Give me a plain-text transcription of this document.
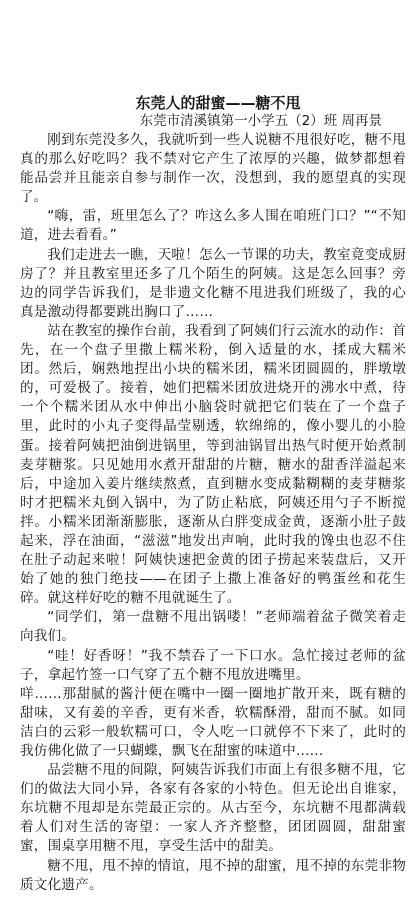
东莞人的甜蜜——糖不甩

东莞市清溪镇第一小学五（2）班 周再景

刚到东莞没多久，我就听到一些人说糖不甩很好吃，糖不甩真的那么好吃吗？我不禁对它产生了浓厚的兴趣，做梦都想着能品尝并且能亲自参与制作一次，没想到，我的愿望真的实现了。

“嗨，雷，班里怎么了？咋这么多人围在咱班门口？”“不知道，进去看看。”

我们走进去一瞧，天啦！怎么一节课的功夫，教室竟变成厨房了？并且教室里还多了几个陌生的阿姨。这是怎么回事？旁边的同学告诉我们，是非遗文化糖不甩进我们班级了，我的心真是激动得都要跳出胸口了……

站在教室的操作台前，我看到了阿姨们行云流水的动作：首先，在一个盘子里撒上糯米粉，倒入适量的水，揉成大糯米团。然后，娴熟地捏出小块的糯米团，糯米团圆圆的，胖墩墩的，可爱极了。接着，她们把糯米团放进烧开的沸水中煮，待一个个糯米团从水中伸出小脑袋时就把它们装在了一个盘子里，此时的小丸子变得晶莹剔透，软绵绵的，像小婴儿的小脸蛋。接着阿姨把油倒进锅里，等到油锅冒出热气时便开始煮制麦芽糖浆。只见她用水煮开甜甜的片糖，糖水的甜香洋溢起来后，中途加入姜片继续熬煮，直到糖水变成黏糊糊的麦芽糖浆时才把糯米丸倒入锅中，为了防止粘底，阿姨还用勺子不断搅拌。小糯米团渐渐膨胀，逐渐从白胖变成金黄，逐渐小肚子鼓起来，浮在油面，“滋滋”地发出声响，此时我的馋虫也忍不住在肚子动起来啦！阿姨快速把金黄的团子捞起来装盘后，又开始了她的独门绝技——在团子上撒上准备好的鸭蛋丝和花生碎。就这样好吃的糖不甩就诞生了。

“同学们，第一盘糖不甩出锅喽！”老师端着盆子微笑着走向我们。

“哇！好香呀！”我不禁吞了一下口水。急忙接过老师的盆子，拿起竹签一口气穿了五个糖不甩放进嘴里。

咩……那甜腻的酱汁便在嘴中一圈一圈地扩散开来，既有糖的甜味，又有姜的辛香，更有米香，软糯酥滑，甜而不腻。如同洁白的云彩一般软糯可口，令人吃一口就停不下来了，此时的我仿佛化做了一只蝴蝶，飘飞在甜蜜的味道中……

品尝糖不甩的间隙，阿姨告诉我们市面上有很多糖不甩，它们的做法大同小异，各家有各家的小特色。但无论出自谁家，东坑糖不甩却是东莞最正宗的。从古至今，东坑糖不甩都满载着人们对生活的寄望：一家人齐齐整整，团团圆圆，甜甜蜜蜜，围桌享用糖不甩，享受生活中的甜美。

糖不甩，甩不掉的情谊，甩不掉的甜蜜，甩不掉的东莞非物质文化遗产。
